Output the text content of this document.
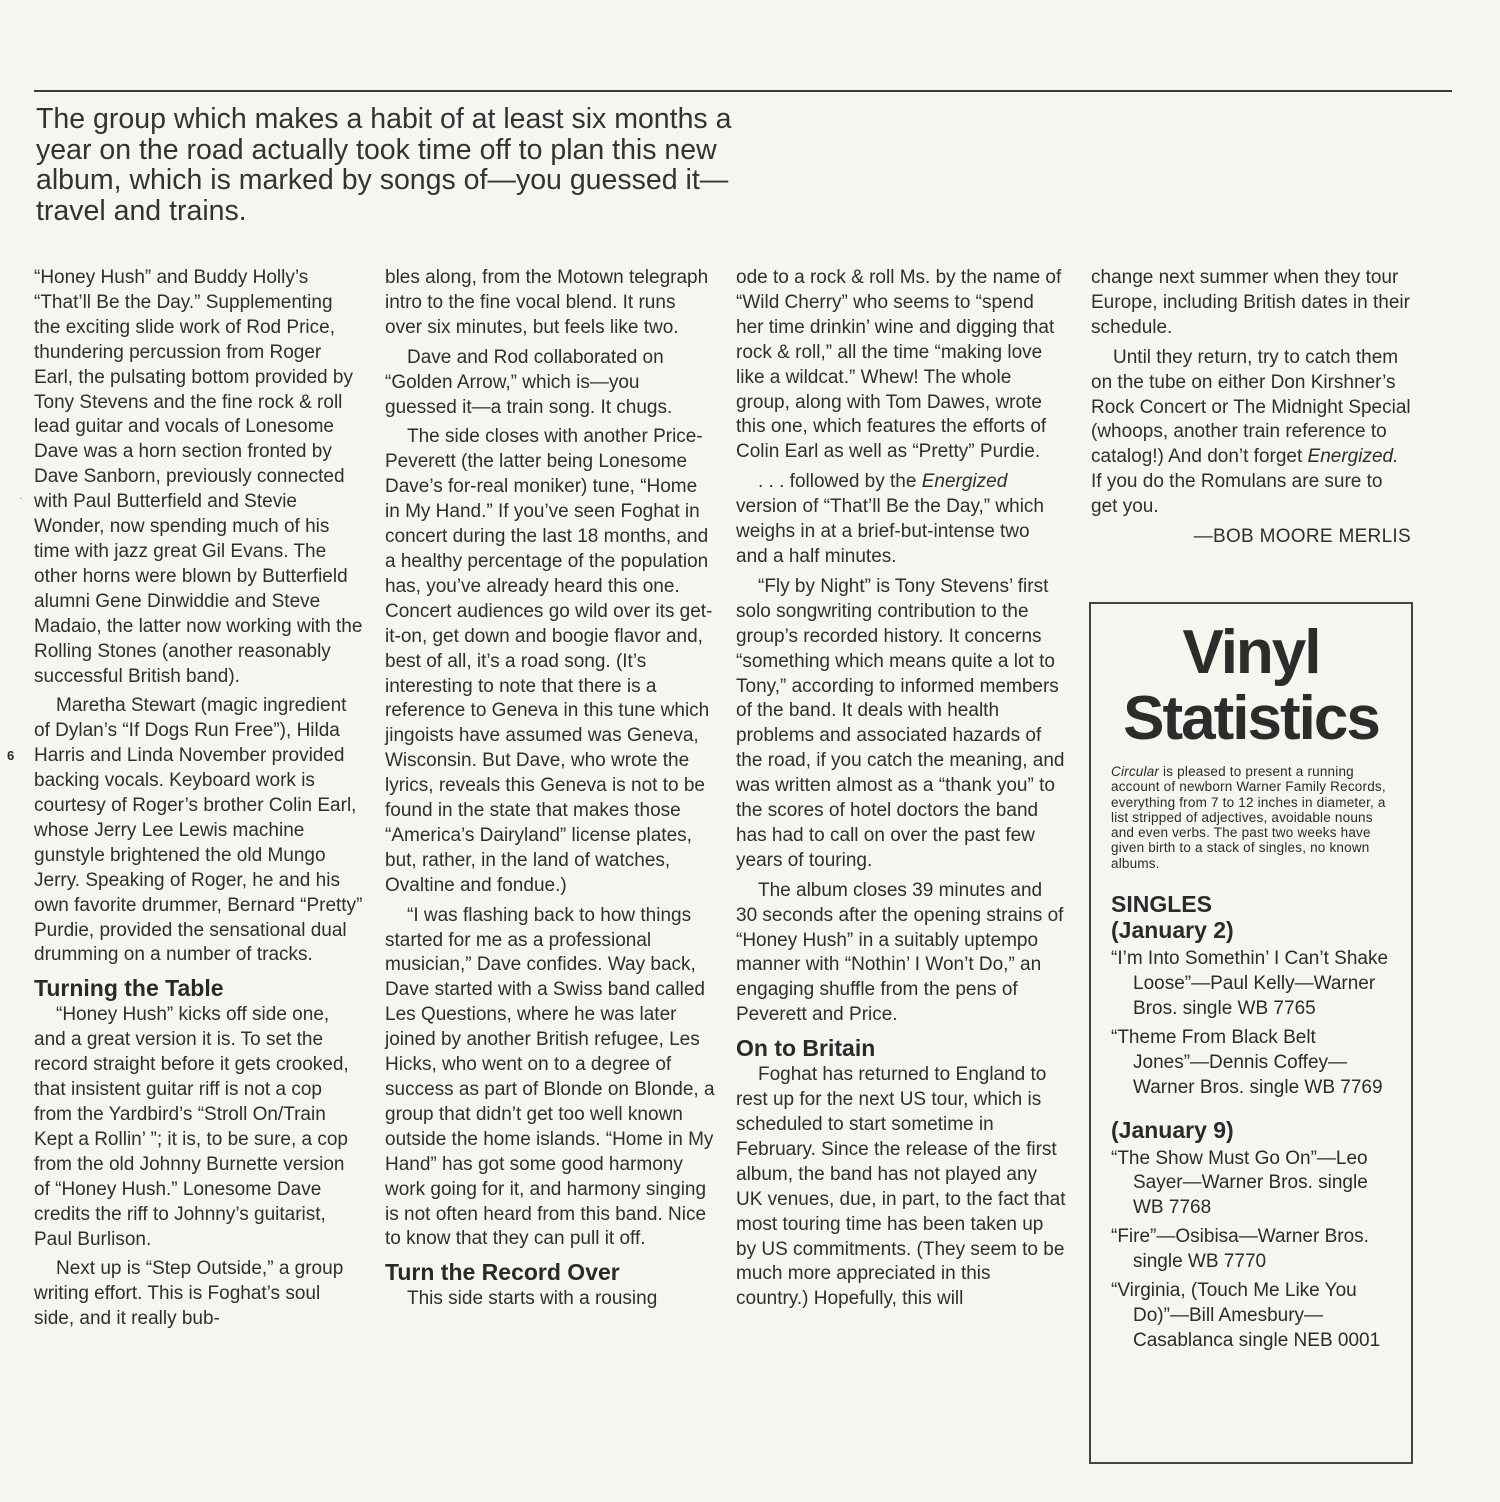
The group which makes a habit of at least six months a year on the road actually took time off to plan this new album, which is marked by songs of—you guessed it—travel and trains.
·
6

“Honey Hush” and Buddy Holly’s “That’ll Be the Day.” Supplementing the exciting slide work of Rod Price, thundering percussion from Roger Earl, the pulsating bottom provided by Tony Stevens and the fine rock & roll lead guitar and vocals of Lonesome Dave was a horn section fronted by Dave Sanborn, previously connected with Paul Butterfield and Stevie Wonder, now spending much of his time with jazz great Gil Evans. The other horns were blown by Butterfield alumni Gene Dinwiddie and Steve Madaio, the latter now working with the Rolling Stones (another reasonably successful British band).

Maretha Stewart (magic ingredient of Dylan’s “If Dogs Run Free”), Hilda Harris and Linda November provided backing vocals. Keyboard work is courtesy of Roger’s brother Colin Earl, whose Jerry Lee Lewis machine gunstyle brightened the old Mungo Jerry. Speaking of Roger, he and his own favorite drummer, Bernard “Pretty” Purdie, provided the sensational dual drumming on a number of tracks.

Turning the Table

“Honey Hush” kicks off side one, and a great version it is. To set the record straight before it gets crooked, that insistent guitar riff is not a cop from the Yardbird’s “Stroll On/Train Kept a Rollin’ ”; it is, to be sure, a cop from the old Johnny Burnette version of “Honey Hush.” Lonesome Dave credits the riff to Johnny’s guitarist, Paul Burlison.

Next up is “Step Outside,” a group writing effort. This is Foghat’s soul side, and it really bub-

bles along, from the Motown telegraph intro to the fine vocal blend. It runs over six minutes, but feels like two.

Dave and Rod collaborated on “Golden Arrow,” which is—you guessed it—a train song. It chugs.

The side closes with another Price-Peverett (the latter being Lonesome Dave’s for-real moniker) tune, “Home in My Hand.” If you’ve seen Foghat in concert during the last 18 months, and a healthy percentage of the population has, you’ve already heard this one. Concert audiences go wild over its get-it-on, get down and boogie flavor and, best of all, it’s a road song. (It’s interesting to note that there is a reference to Geneva in this tune which jingoists have assumed was Geneva, Wisconsin. But Dave, who wrote the lyrics, reveals this Geneva is not to be found in the state that makes those “America’s Dairyland” license plates, but, rather, in the land of watches, Ovaltine and fondue.)

“I was flashing back to how things started for me as a professional musician,” Dave confides. Way back, Dave started with a Swiss band called Les Questions, where he was later joined by another British refugee, Les Hicks, who went on to a degree of success as part of Blonde on Blonde, a group that didn’t get too well known outside the home islands. “Home in My Hand” has got some good harmony work going for it, and harmony singing is not often heard from this band. Nice to know that they can pull it off.

Turn the Record Over

This side starts with a rousing

ode to a rock & roll Ms. by the name of “Wild Cherry” who seems to “spend her time drinkin’ wine and digging that rock & roll,” all the time “making love like a wildcat.” Whew! The whole group, along with Tom Dawes, wrote this one, which features the efforts of Colin Earl as well as “Pretty” Purdie.

. . . followed by the Energized version of “That’ll Be the Day,” which weighs in at a brief-but-intense two and a half minutes.

“Fly by Night” is Tony Stevens’ first solo songwriting contribution to the group’s recorded history. It concerns “something which means quite a lot to Tony,” according to informed members of the band. It deals with health problems and associated hazards of the road, if you catch the meaning, and was written almost as a “thank you” to the scores of hotel doctors the band has had to call on over the past few years of touring.

The album closes 39 minutes and 30 seconds after the opening strains of “Honey Hush” in a suitably uptempo manner with “Nothin’ I Won’t Do,” an engaging shuffle from the pens of Peverett and Price.

On to Britain

Foghat has returned to England to rest up for the next US tour, which is scheduled to start sometime in February. Since the release of the first album, the band has not played any UK venues, due, in part, to the fact that most touring time has been taken up by US commitments. (They seem to be much more appreciated in this country.) Hopefully, this will

change next summer when they tour Europe, including British dates in their schedule.

Until they return, try to catch them on the tube on either Don Kirshner’s Rock Concert or The Midnight Special (whoops, another train reference to catalog!) And don’t forget Energized. If you do the Romulans are sure to get you.

—BOB MOORE MERLIS
Vinyl
Statistics
Circular is pleased to present a running account of newborn Warner Family Records, everything from 7 to 12 inches in diameter, a list stripped of adjectives, avoidable nouns and even verbs. The past two weeks have given birth to a stack of singles, no known albums.
SINGLES
(January 2)
“I’m Into Somethin’ I Can’t Shake Loose”—Paul Kelly—Warner Bros. single WB 7765
“Theme From Black Belt Jones”—Dennis Coffey—Warner Bros. single WB 7769
(January 9)
“The Show Must Go On”—Leo Sayer—Warner Bros. single WB 7768
“Fire”—Osibisa—Warner Bros. single WB 7770
“Virginia, (Touch Me Like You Do)”—Bill Amesbury—Casablanca single NEB 0001
